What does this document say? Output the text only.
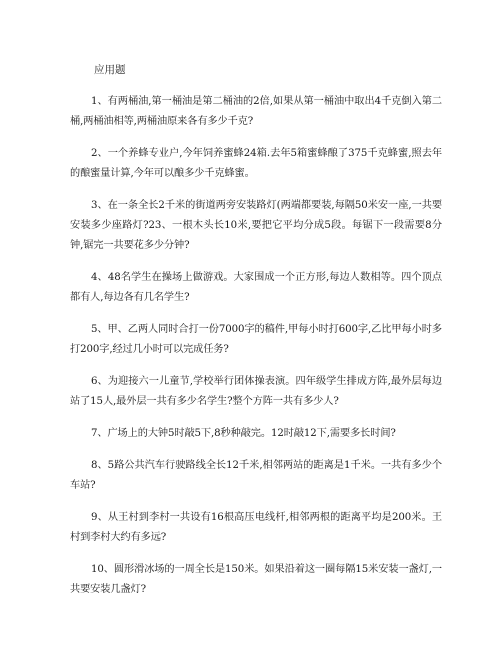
应用题
1、有两桶油,第一桶油是第二桶油的2倍,如果从第一桶油中取出4千克倒入第二桶,两桶油相等,两桶油原来各有多少千克?
2、一个养蜂专业户,今年饲养蜜蜂24箱.去年5箱蜜蜂酿了375千克蜂蜜,照去年的酿蜜量计算,今年可以酿多少千克蜂蜜。
3、在一条全长2千米的街道两旁安装路灯(两端都要装,每隔50米安一座,一共要安装多少座路灯?23、一根木头长10米,要把它平均分成5段。每锯下一段需要8分钟,锯完一共要花多少分钟?
4、48名学生在操场上做游戏。大家围成一个正方形,每边人数相等。四个顶点都有人,每边各有几名学生?
5、甲、乙两人同时合打一份7000字的稿件,甲每小时打600字,乙比甲每小时多打200字,经过几小时可以完成任务?
6、为迎接六一儿童节,学校举行团体操表演。四年级学生排成方阵,最外层每边站了15人,最外层一共有多少名学生?整个方阵一共有多少人?
7、广场上的大钟5时敲5下,8秒种敲完。12时敲12下,需要多长时间?
8、5路公共汽车行驶路线全长12千米,相邻两站的距离是1千米。一共有多少个车站?
9、从王村到李村一共设有16根高压电线杆,相邻两根的距离平均是200米。王村到李村大约有多远?
10、圆形滑冰场的一周全长是150米。如果沿着这一圈每隔15米安装一盏灯,一共要安装几盏灯?
